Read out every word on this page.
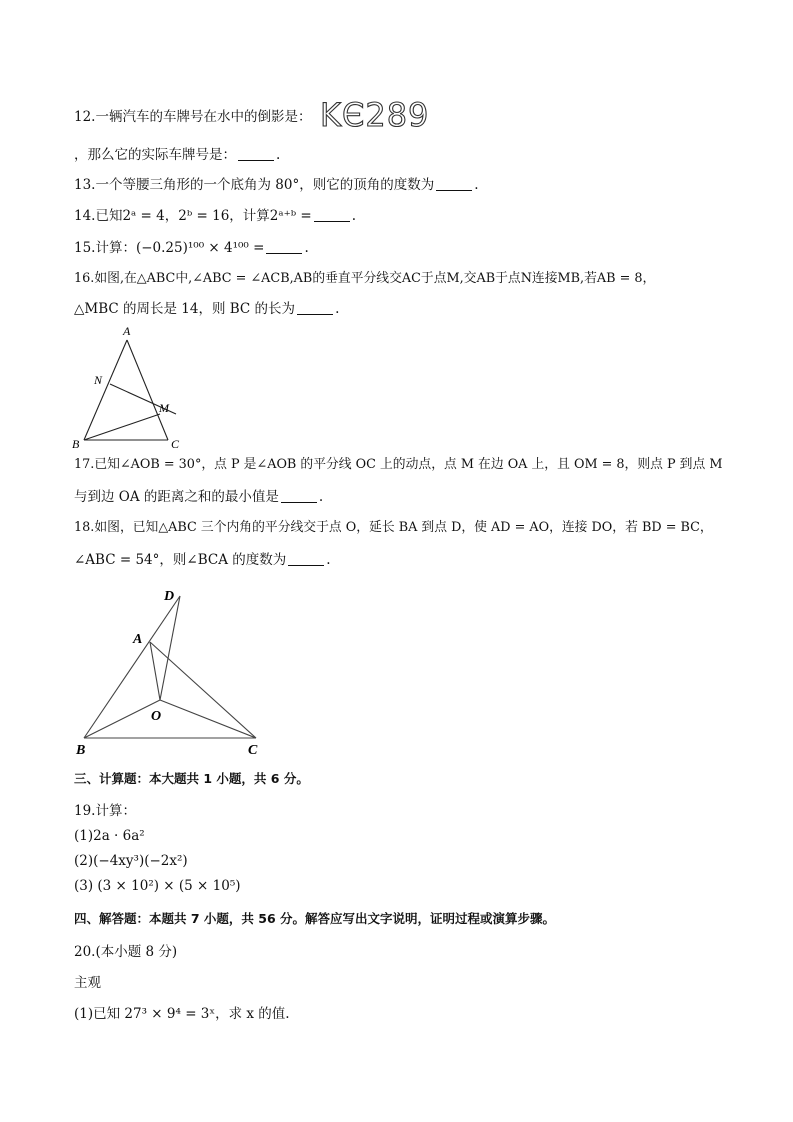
12.一辆汽车的车牌号在水中的倒影是： KЄ289
，那么它的实际车牌号是：	.
13.一个等腰三角形的一个底角为 80°，则它的顶角的度数为	.
14.已知2ᵃ = 4，2ᵇ = 16，计算2ᵃ⁺ᵇ =	.
15.计算：(−0.25)¹⁰⁰ × 4¹⁰⁰ =	.
16.如图,在△ABC中,∠ABC = ∠ACB,AB的垂直平分线交AC于点M,交AB于点N连接MB,若AB = 8，
△MBC 的周长是 14，则 BC 的长为	.
A
N
M
B	C
17.已知∠AOB = 30°，点 P 是∠AOB 的平分线 OC 上的动点，点 M 在边 OA 上，且 OM = 8，则点 P 到点 M
与到边 OA 的距离之和的最小值是	.
18.如图，已知△ABC 三个内角的平分线交于点 O，延长 BA 到点 D，使 AD = AO，连接 DO，若 BD = BC，
∠ABC = 54°，则∠BCA 的度数为	.
D
A
O
B	C
三、计算题：本大题共 1 小题，共 6 分。
19.计算：
(1)2a · 6a²
(2)(−4xy³)(−2x²)
(3) (3 × 10²) × (5 × 10⁵)
四、解答题：本题共 7 小题，共 56 分。解答应写出文字说明，证明过程或演算步骤。
20.(本小题 8 分)
主观
(1)已知 27³ × 9⁴ = 3ˣ，求 x 的值.
